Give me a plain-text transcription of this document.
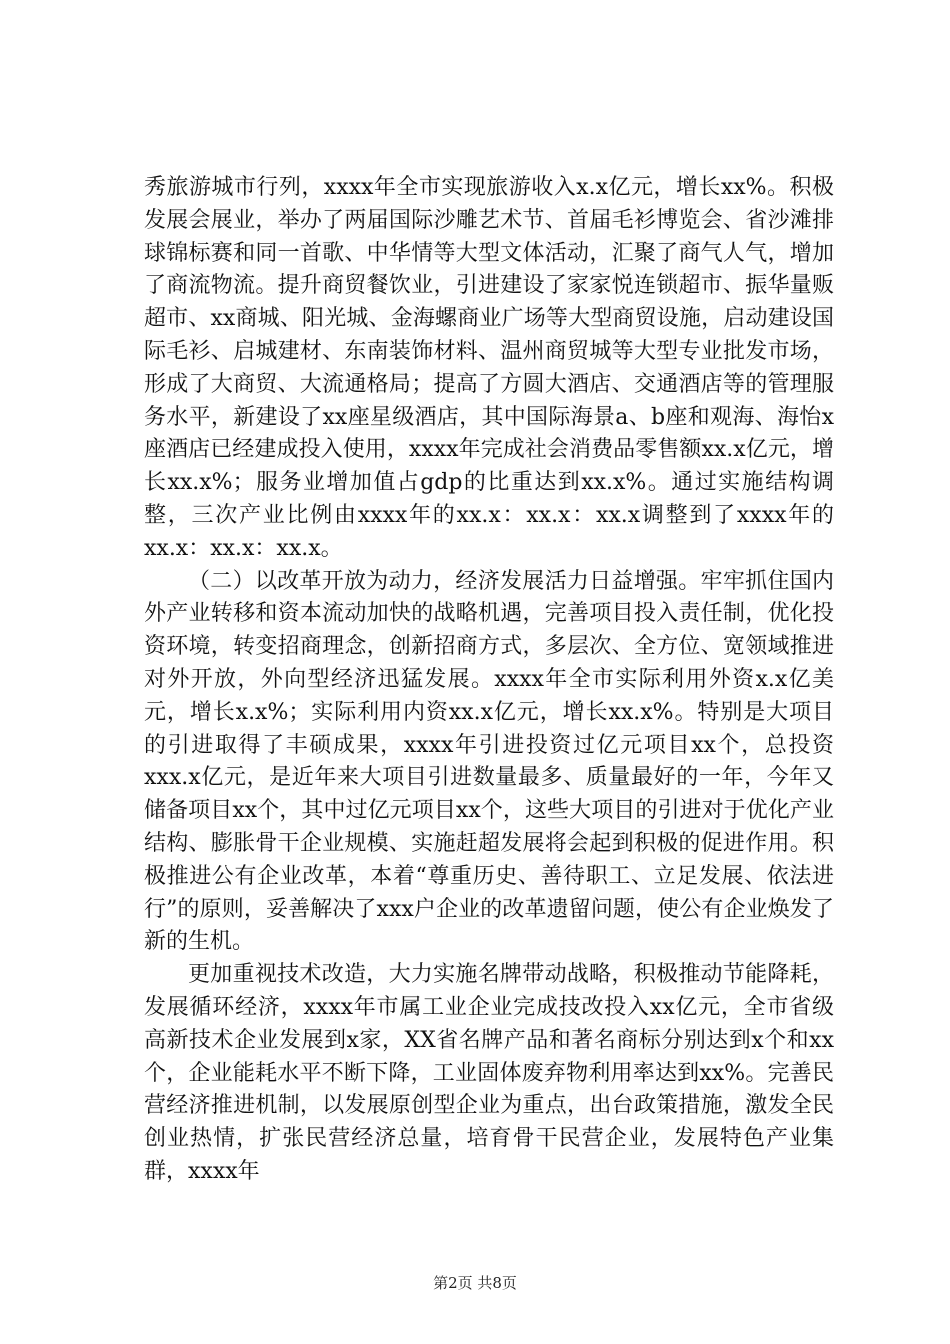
秀旅游城市行列，xxxx年全市实现旅游收入x.x亿元，增长xx%。积极发展会展业，举办了两届国际沙雕艺术节、首届毛衫博览会、省沙滩排球锦标赛和同一首歌、中华情等大型文体活动，汇聚了商气人气，增加了商流物流。提升商贸餐饮业，引进建设了家家悦连锁超市、振华量贩超市、xx商城、阳光城、金海螺商业广场等大型商贸设施，启动建设国际毛衫、启城建材、东南装饰材料、温州商贸城等大型专业批发市场，形成了大商贸、大流通格局；提高了方圆大酒店、交通酒店等的管理服务水平，新建设了xx座星级酒店，其中国际海景a、b座和观海、海怡x座酒店已经建成投入使用，xxxx年完成社会消费品零售额xx.x亿元，增长xx.x%；服务业增加值占gdp的比重达到xx.x%。通过实施结构调整，三次产业比例由xxxx年的xx.x：xx.x：xx.x调整到了xxxx年的xx.x：xx.x：xx.x。

（二）以改革开放为动力，经济发展活力日益增强。牢牢抓住国内外产业转移和资本流动加快的战略机遇，完善项目投入责任制，优化投资环境，转变招商理念，创新招商方式，多层次、全方位、宽领域推进对外开放，外向型经济迅猛发展。xxxx年全市实际利用外资x.x亿美元，增长x.x%；实际利用内资xx.x亿元，增长xx.x%。特别是大项目的引进取得了丰硕成果，xxxx年引进投资过亿元项目xx个，总投资xxx.x亿元，是近年来大项目引进数量最多、质量最好的一年，今年又储备项目xx个，其中过亿元项目xx个，这些大项目的引进对于优化产业结构、膨胀骨干企业规模、实施赶超发展将会起到积极的促进作用。积极推进公有企业改革，本着“尊重历史、善待职工、立足发展、依法进行”的原则，妥善解决了xxx户企业的改革遗留问题，使公有企业焕发了新的生机。

更加重视技术改造，大力实施名牌带动战略，积极推动节能降耗，发展循环经济，xxxx年市属工业企业完成技改投入xx亿元，全市省级高新技术企业发展到x家，XX省名牌产品和著名商标分别达到x个和xx个，企业能耗水平不断下降，工业固体废弃物利用率达到xx%。完善民营经济推进机制，以发展原创型企业为重点，出台政策措施，激发全民创业热情，扩张民营经济总量，培育骨干民营企业，发展特色产业集群，xxxx年

第2页 共8页
